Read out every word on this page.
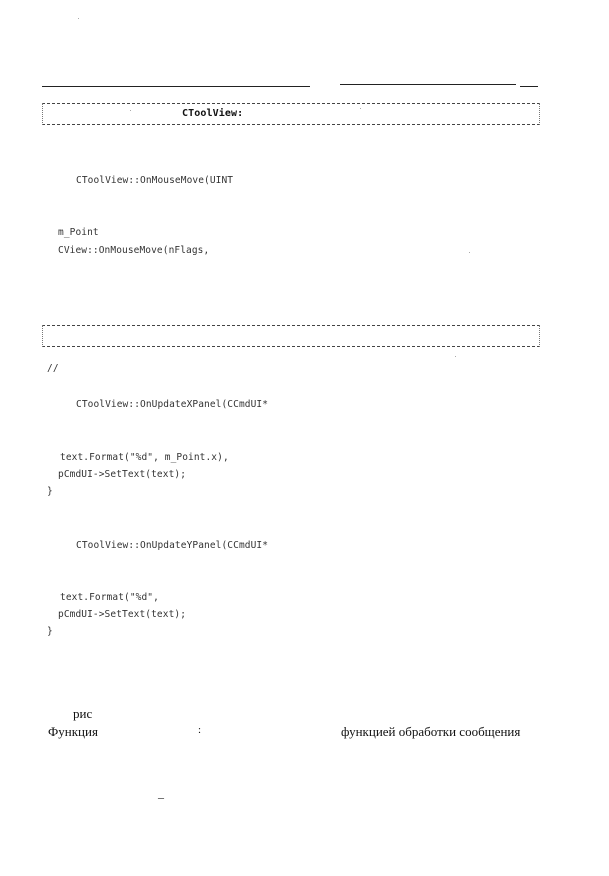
CToolView:
CToolView::OnMouseMove(UINT
m_Point
CView::OnMouseMove(nFlags,
//
CToolView::OnUpdateXPanel(CCmdUI*
text.Format("%d", m_Point.x),
pCmdUI->SetText(text);
}
CToolView::OnUpdateYPanel(CCmdUI*
text.Format("%d",
pCmdUI->SetText(text);
}
рис
Функция	:	функцией обработки сообщения
–
